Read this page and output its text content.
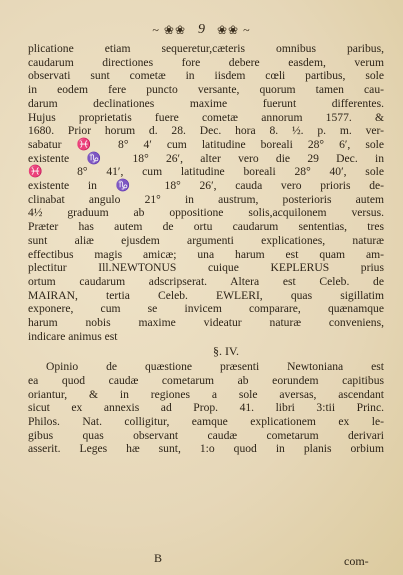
~ ❀❀ 9 ❀❀ ~
plicatione etiam sequeretur,cæteris omnibus paribus,
caudarum directiones fore debere easdem, verum
observati sunt cometæ in iisdem cœli partibus, sole
in eodem fere puncto versante, quorum tamen cau-
darum declinationes maxime fuerunt differentes.
Hujus proprietatis fuere cometæ annorum 1577. &
1680. Prior horum d. 28. Dec. hora 8. ½. p. m. ver-
sabatur ♓ 8° 4′ cum latitudine boreali 28° 6′, sole
existente ♑ 18° 26′, alter vero die 29 Dec. in
♓ 8° 41′, cum latitudine boreali 28° 40′, sole
existente in ♑ 18° 26′, cauda vero prioris de-
clinabat angulo 21° in austrum, posterioris autem
4½ graduum ab oppositione solis,acquilonem versus.
Præter has autem de ortu caudarum sententias, tres
sunt aliæ ejusdem argumenti explicationes, naturæ
effectibus magis amicæ; una harum est quam am-
plectitur Ill.NEWTONUS cuique KEPLERUS prius
ortum caudarum adscripserat. Altera est Celeb. de
MAIRAN, tertia Celeb. EWLERI, quas sigillatim
exponere, cum se invicem comparare, quænamque
harum nobis maxime videatur naturæ conveniens,
indicare animus est
§. IV.
Opinio de quæstione præsenti Newtoniana est
ea quod caudæ cometarum ab eorundem capitibus
oriantur, & in regiones a sole aversas, ascendant
sicut ex annexis ad Prop. 41. libri 3:tii Princ.
Philos. Nat. colligitur, eamque explicationem ex le-
gibus quas observant caudæ cometarum derivari
asserit. Leges hæ sunt, 1:o quod in planis orbium
B	com-
